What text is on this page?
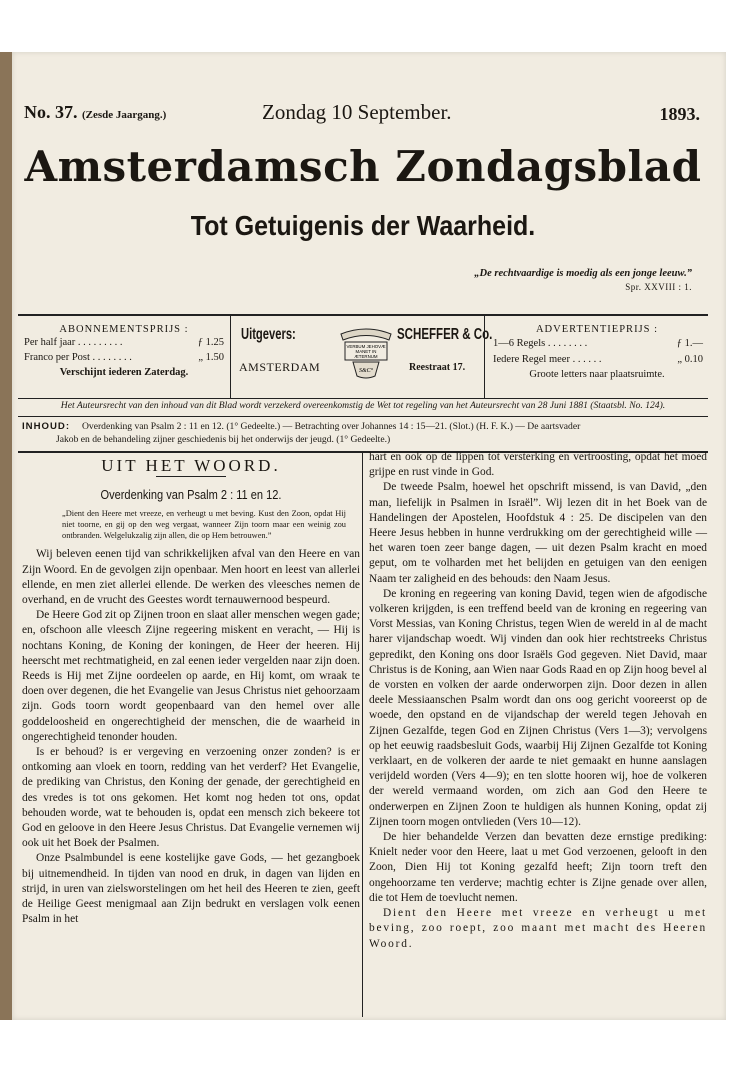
No. 37. (Zesde Jaargang.)	Zondag 10 September.	1893.
Amsterdamsch Zondagsblad
Tot Getuigenis der Waarheid.
„De rechtvaardige is moedig als een jonge leeuw.”
Spr. XXVIII : 1.
ABONNEMENTSPRIJS :
Per half jaar . . . . . . . . .	ƒ 1.25
Franco per Post . . . . . . . .	„ 1.50
Verschijnt iederen Zaterdag.
Uitgevers:
AMSTERDAM
VERBUM JEHOVÆ
MANET IN
ÆTERNUM
S&C°
SCHEFFER & Co.
Reestraat 17.
ADVERTENTIEPRIJS :
1—6 Regels . . . . . . . .	ƒ 1.—
Iedere Regel meer . . . . . .	„ 0.10
Groote letters naar plaatsruimte.
Het Auteursrecht van den inhoud van dit Blad wordt verzekerd overeenkomstig de Wet tot regeling van het Auteursrecht van 28 Juni 1881 (Staatsbl. No. 124).
INHOUD: Overdenking van Psalm 2 : 11 en 12. (1° Gedeelte.) — Betrachting over Johannes 14 : 15—21. (Slot.) (H. F. K.) — De aartsvader
Jakob en de behandeling zijner geschiedenis bij het onderwijs der jeugd. (1° Gedeelte.)
UIT HET WOORD.
Overdenking van Psalm 2 : 11 en 12.
„Dient den Heere met vreeze, en verheugt u met beving. Kust den Zoon, opdat Hij niet toorne, en gij op den weg vergaat, wanneer Zijn toorn maar een weinig zou ontbranden. Welgelukzalig zijn allen, die op Hem betrouwen.”

Wij beleven eenen tijd van schrikkelijken afval van den Heere en van Zijn Woord. En de gevolgen zijn openbaar. Men hoort en leest van allerlei ellende, en men ziet allerlei ellende. De werken des vleesches nemen de overhand, en de vrucht des Geestes wordt ternauwernood bespeurd.

De Heere God zit op Zijnen troon en slaat aller menschen wegen gade; en, ofschoon alle vleesch Zijne regeering miskent en veracht, — Hij is nochtans Koning, de Koning der koningen, de Heer der heeren. Hij heerscht met rechtmatigheid, en zal eenen ieder vergelden naar zijn doen. Reeds is Hij met Zijne oordeelen op aarde, en Hij komt, om wraak te doen over degenen, die het Evangelie van Jesus Christus niet gehoorzaam zijn. Gods toorn wordt geopenbaard van den hemel over alle goddeloosheid en ongerechtigheid der menschen, die de waarheid in ongerechtigheid tenonder houden.

Is er behoud? is er vergeving en verzoening onzer zonden? is er ontkoming aan vloek en toorn, redding van het verderf? Het Evangelie, de prediking van Christus, den Koning der genade, der gerechtigheid en des vredes is tot ons gekomen. Het komt nog heden tot ons, opdat behouden worde, wat te behouden is, opdat een mensch zich bekeere tot God en geloove in den Heere Jesus Christus. Dat Evangelie vernemen wij ook uit het Boek der Psalmen.

Onze Psalmbundel is eene kostelijke gave Gods, — het gezangboek bij uitnemendheid. In tijden van nood en druk, in dagen van lijden en strijd, in uren van zielsworstelingen om het heil des Heeren te zien, geeft de Heilige Geest menigmaal aan Zijn bedrukt en verslagen volk eenen Psalm in het

hart en ook op de lippen tot versterking en vertroosting, opdat het moed grijpe en rust vinde in God.

De tweede Psalm, hoewel het opschrift missend, is van David, „den man, liefelijk in Psalmen in Israël”. Wij lezen dit in het Boek van de Handelingen der Apostelen, Hoofdstuk 4 : 25. De discipelen van den Heere Jesus hebben in hunne verdrukking om der gerechtigheid wille — het waren toen zeer bange dagen, — uit dezen Psalm kracht en moed geput, om te volharden met het belijden en getuigen van den eenigen Naam ter zaligheid en des behouds: den Naam Jesus.

De kroning en regeering van koning David, tegen wien de afgodische volkeren krijgden, is een treffend beeld van de kroning en regeering van Vorst Messias, van Koning Christus, tegen Wien de wereld in al de macht harer vijandschap woedt. Wij vinden dan ook hier rechtstreeks Christus gepredikt, den Koning ons door Israëls God gegeven. Niet David, maar Christus is de Koning, aan Wien naar Gods Raad en op Zijn hoog bevel al de vorsten en volken der aarde onderworpen zijn. Door dezen in allen deele Messiaanschen Psalm wordt dan ons oog gericht vooreerst op de woede, den opstand en de vijandschap der wereld tegen Jehovah en Zijnen Gezalfde, tegen God en Zijnen Christus (Vers 1—3); vervolgens op het eeuwig raadsbesluit Gods, waarbij Hij Zijnen Gezalfde tot Koning verklaart, en de volkeren der aarde te niet gemaakt en hunne aanslagen verijdeld worden (Vers 4—9); en ten slotte hooren wij, hoe de volkeren der wereld vermaand worden, om zich aan God den Heere te onderwerpen en Zijnen Zoon te huldigen als hunnen Koning, opdat zij Zijnen toorn mogen ontvlieden (Vers 10—12).

De hier behandelde Verzen dan bevatten deze ernstige prediking: Knielt neder voor den Heere, laat u met God verzoenen, gelooft in den Zoon, Dien Hij tot Koning gezalfd heeft; Zijn toorn treft den ongehoorzame ten verderve; machtig echter is Zijne genade over allen, die tot Hem de toevlucht nemen.

Dient den Heere met vreeze en verheugt u met beving, zoo roept, zoo maant met macht des Heeren Woord.
